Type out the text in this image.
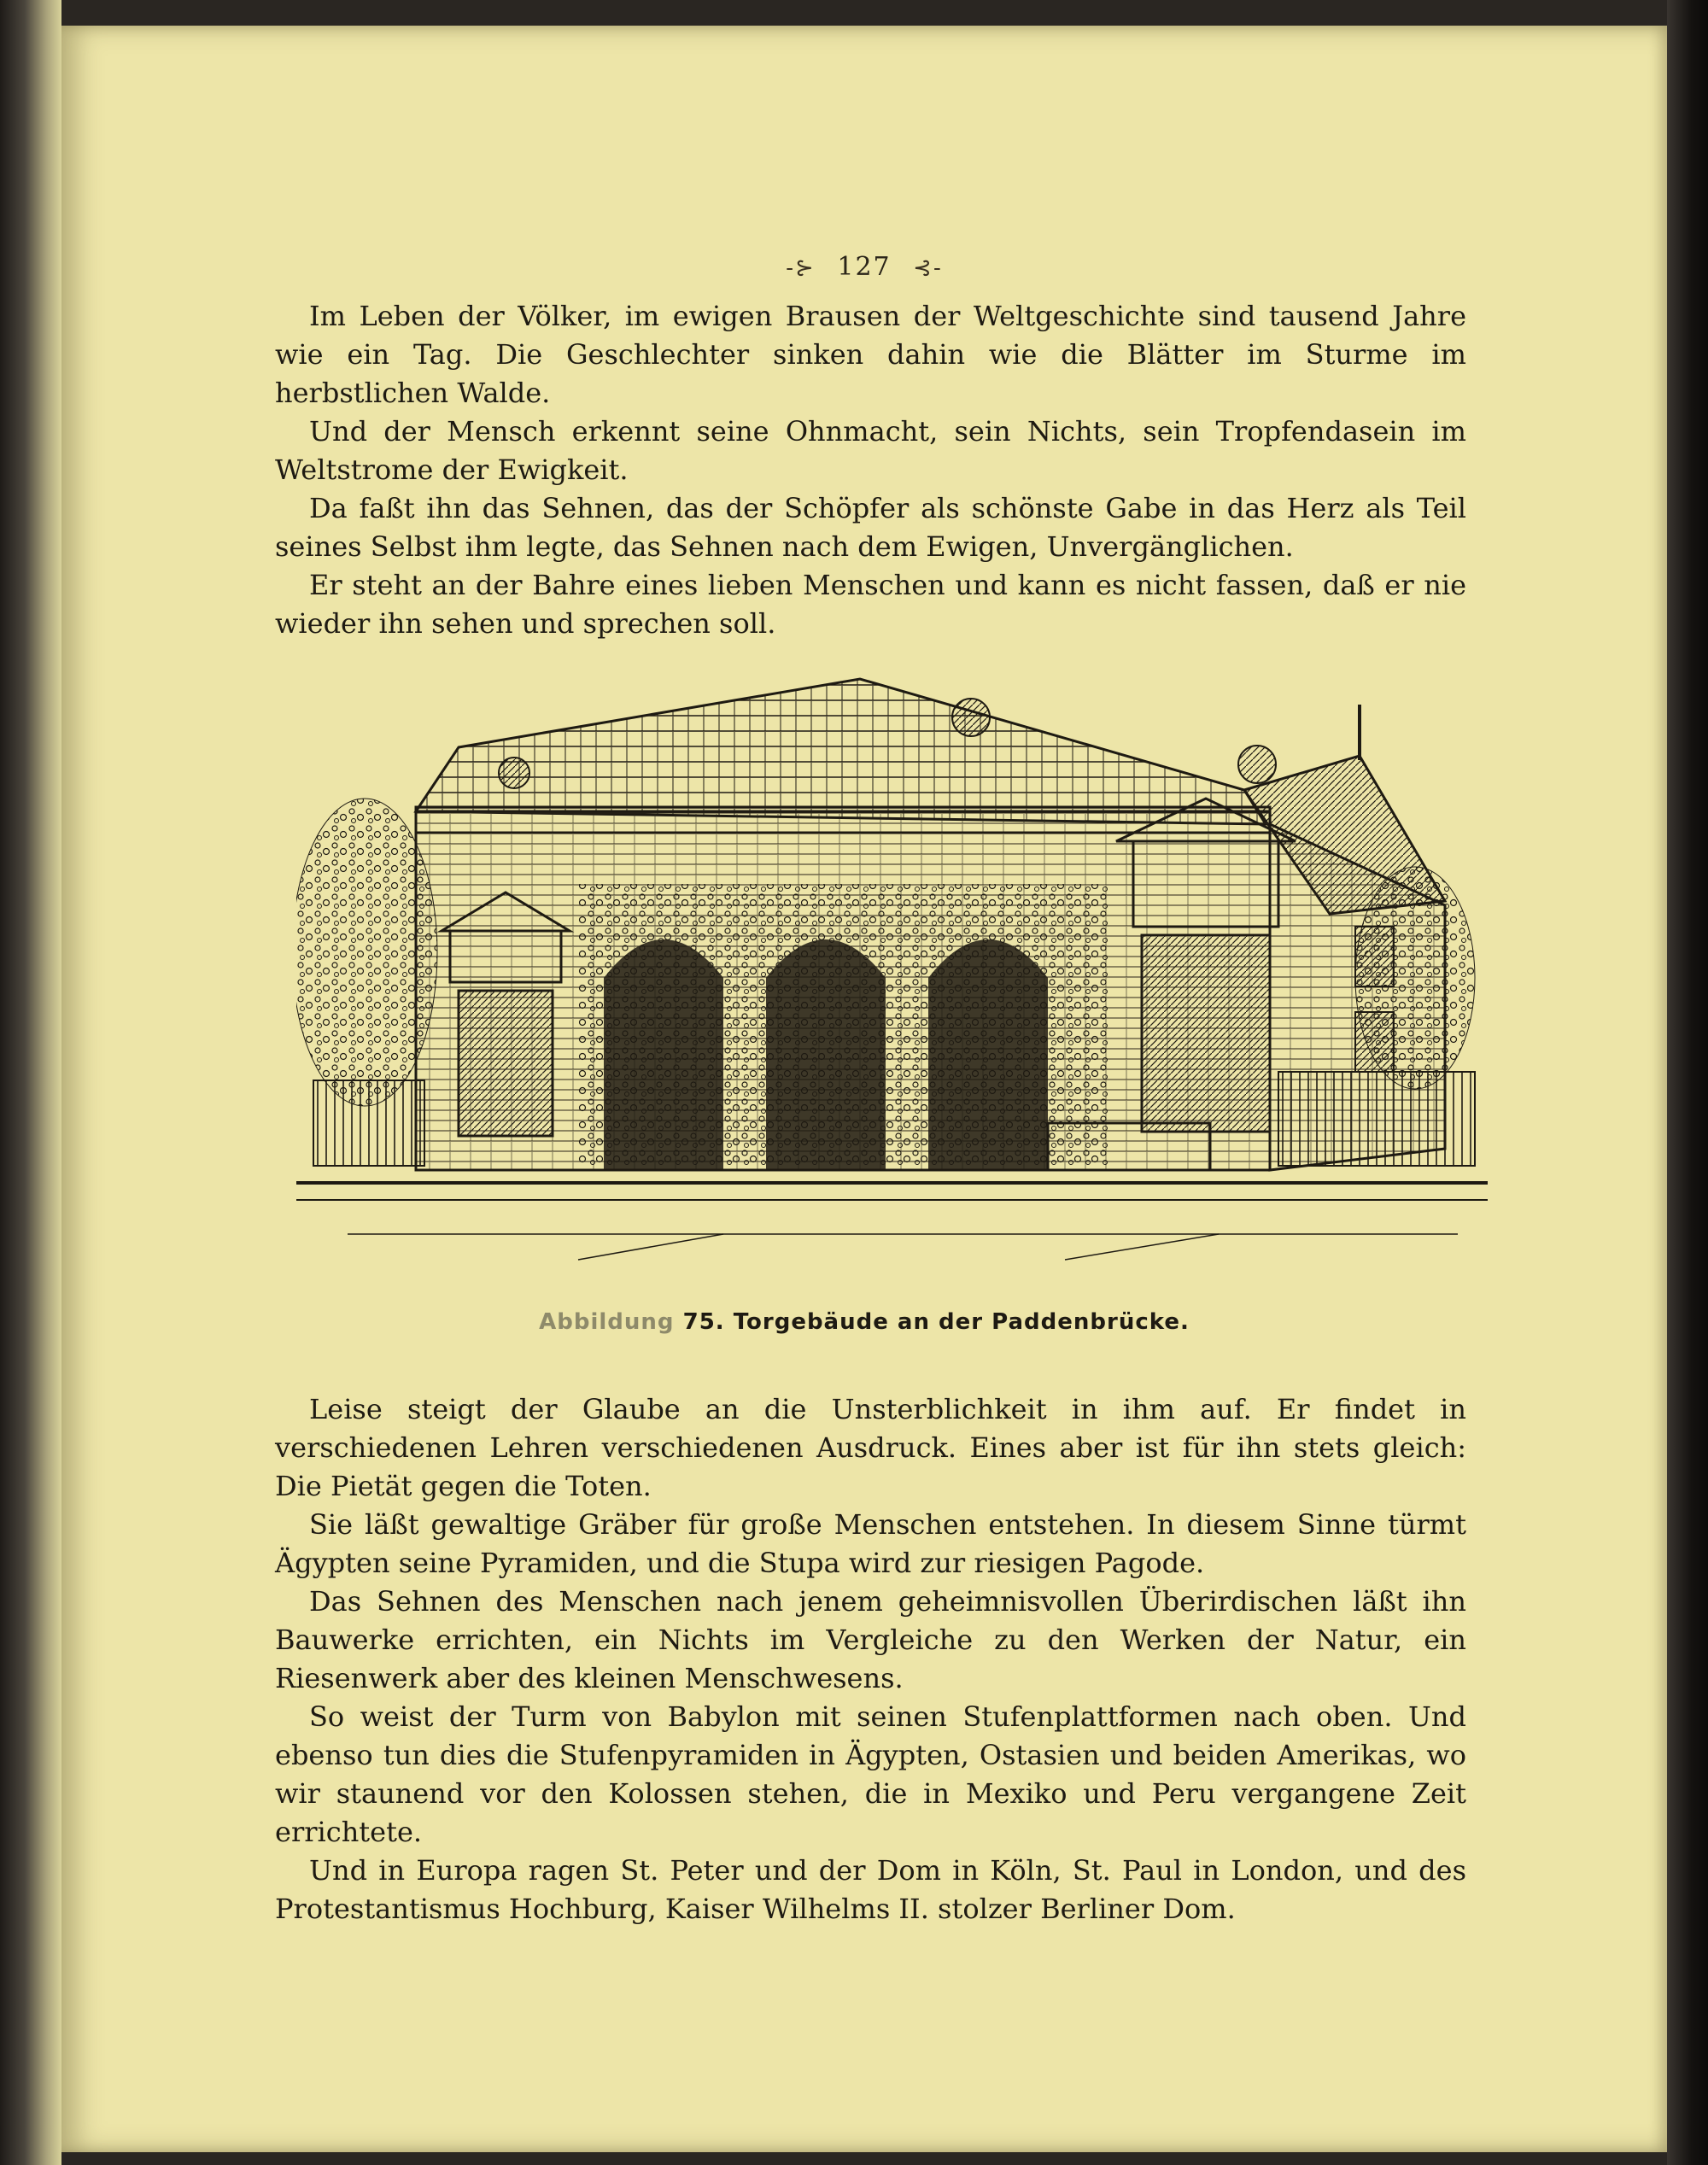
-⊱ 127 ⊰-

Im Leben der Völker, im ewigen Brausen der Weltgeschichte sind tausend Jahre wie ein Tag. Die Geschlechter sinken dahin wie die Blätter im Sturme im herbstlichen Walde.

Und der Mensch erkennt seine Ohnmacht, sein Nichts, sein Tropfendasein im Weltstrome der Ewigkeit.

Da faßt ihn das Sehnen, das der Schöpfer als schönste Gabe in das Herz als Teil seines Selbst ihm legte, das Sehnen nach dem Ewigen, Unvergänglichen.

Er steht an der Bahre eines lieben Menschen und kann es nicht fassen, daß er nie wieder ihn sehen und sprechen soll.

Abbildung 75. Torgebäude an der Paddenbrücke.

Leise steigt der Glaube an die Unsterblichkeit in ihm auf. Er findet in verschiedenen Lehren verschiedenen Ausdruck. Eines aber ist für ihn stets gleich: Die Pietät gegen die Toten.

Sie läßt gewaltige Gräber für große Menschen entstehen. In diesem Sinne türmt Ägypten seine Pyramiden, und die Stupa wird zur riesigen Pagode.

Das Sehnen des Menschen nach jenem geheimnisvollen Überirdischen läßt ihn Bauwerke errichten, ein Nichts im Vergleiche zu den Werken der Natur, ein Riesenwerk aber des kleinen Menschwesens.

So weist der Turm von Babylon mit seinen Stufenplattformen nach oben. Und ebenso tun dies die Stufenpyramiden in Ägypten, Ostasien und beiden Amerikas, wo wir staunend vor den Kolossen stehen, die in Mexiko und Peru vergangene Zeit errichtete.

Und in Europa ragen St. Peter und der Dom in Köln, St. Paul in London, und des Protestantismus Hochburg, Kaiser Wilhelms II. stolzer Berliner Dom.
